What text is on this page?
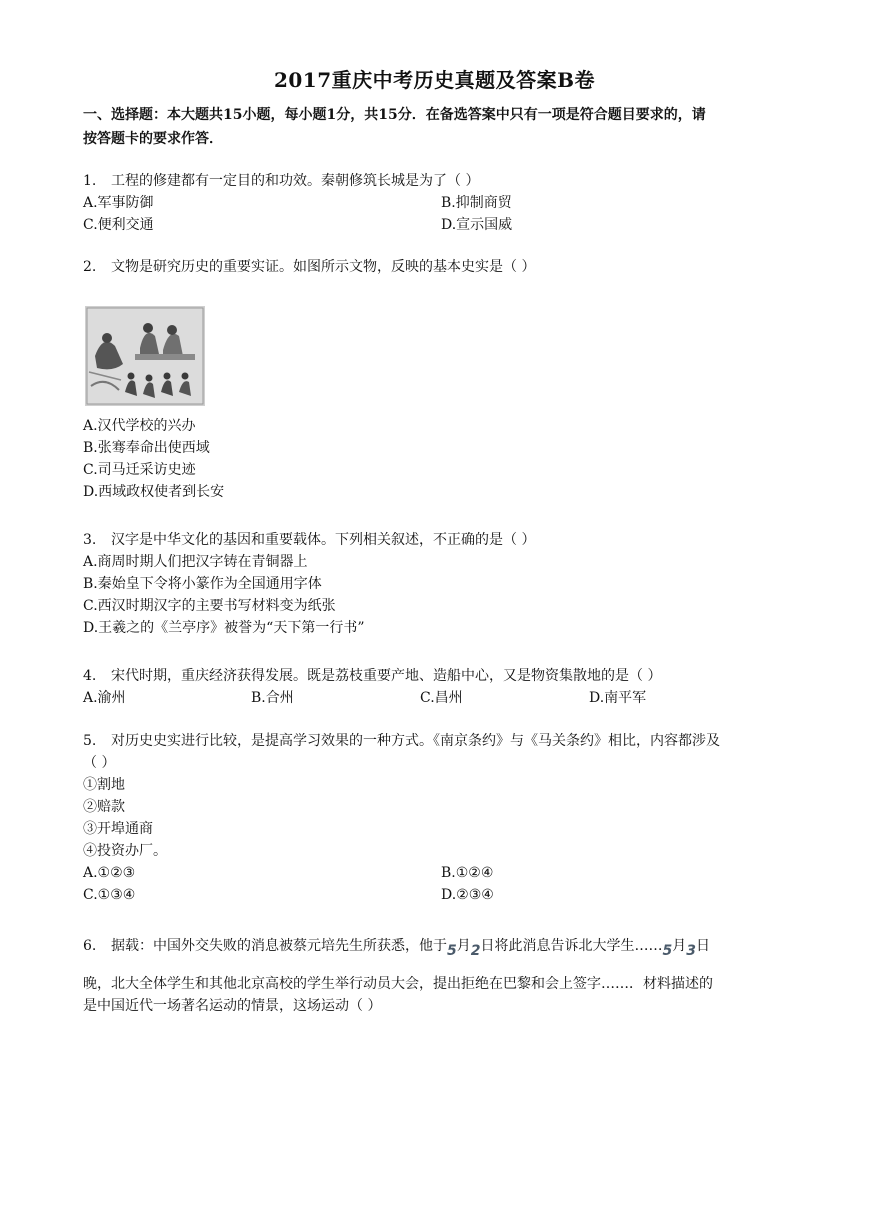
2017重庆中考历史真题及答案B卷
一、选择题：本大题共15小题，每小题1分，共15分．在备选答案中只有一项是符合题目要求的，请
按答题卡的要求作答．
1. 工程的修建都有一定目的和功效。秦朝修筑长城是为了（ ）
A.军事防御	B.抑制商贸
C.便利交通	D.宣示国威
2. 文物是研究历史的重要实证。如图所示文物，反映的基本史实是（ ）
A.汉代学校的兴办
B.张骞奉命出使西域
C.司马迁采访史迹
D.西域政权使者到长安
3. 汉字是中华文化的基因和重要载体。下列相关叙述，不正确的是（ ）
A.商周时期人们把汉字铸在青铜器上
B.秦始皇下令将小篆作为全国通用字体
C.西汉时期汉字的主要书写材料变为纸张
D.王羲之的《兰亭序》被誉为“天下第一行书”
4. 宋代时期，重庆经济获得发展。既是荔枝重要产地、造船中心，又是物资集散地的是（ ）
A.渝州	B.合州	C.昌州	D.南平军
5. 对历史史实进行比较，是提高学习效果的一种方式。《南京条约》与《马关条约》相比，内容都涉及
（ ）
①割地
②赔款
③开埠通商
④投资办厂。
A.①②③	B.①②④
C.①③④	D.②③④
6. 据载：中国外交失败的消息被蔡元培先生所获悉，他于5月2日将此消息告诉北大学生……5月3日
晚，北大全体学生和其他北京高校的学生举行动员大会，提出拒绝在巴黎和会上签字……．材料描述的
是中国近代一场著名运动的情景，这场运动（ ）
